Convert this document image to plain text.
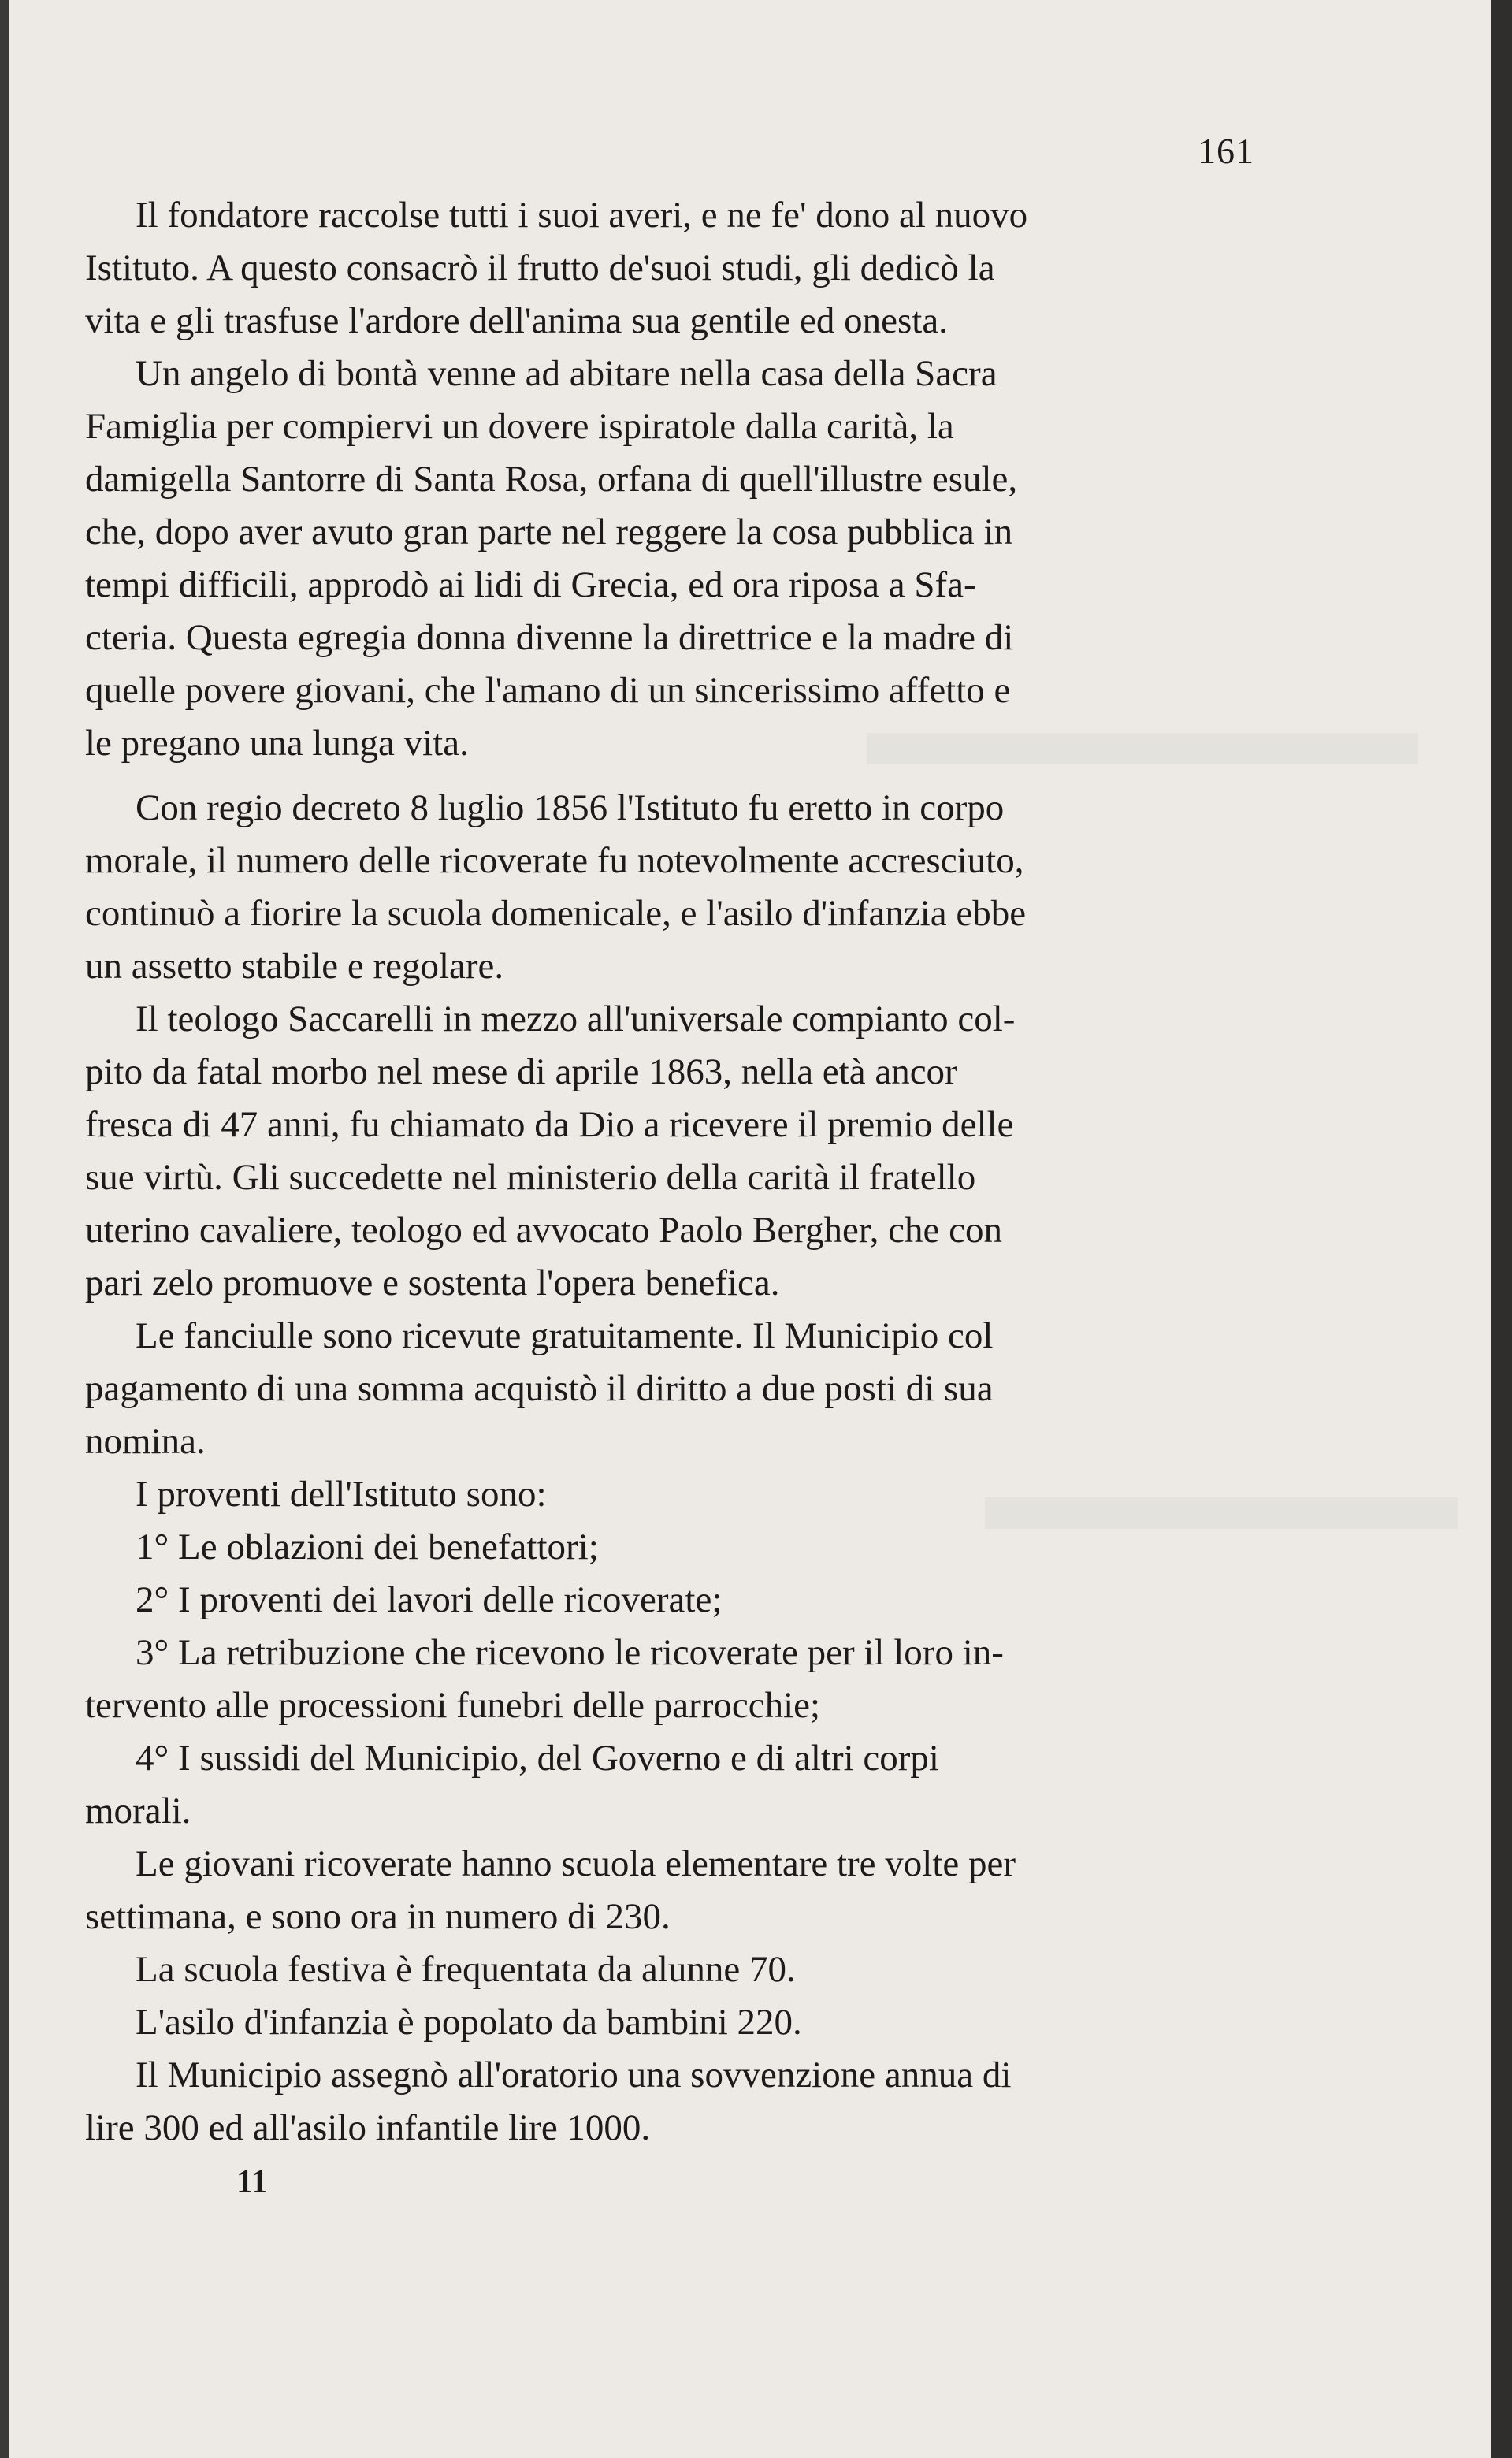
161
Il fondatore raccolse tutti i suoi averi, e ne fe' dono al nuovo
Istituto. A questo consacrò il frutto de'suoi studi, gli dedicò la
vita e gli trasfuse l'ardore dell'anima sua gentile ed onesta.
Un angelo di bontà venne ad abitare nella casa della Sacra
Famiglia per compiervi un dovere ispiratole dalla carità, la
damigella Santorre di Santa Rosa, orfana di quell'illustre esule,
che, dopo aver avuto gran parte nel reggere la cosa pubblica in
tempi difficili, approdò ai lidi di Grecia, ed ora riposa a Sfa-
cteria. Questa egregia donna divenne la direttrice e la madre di
quelle povere giovani, che l'amano di un sincerissimo affetto e
le pregano una lunga vita.
Con regio decreto 8 luglio 1856 l'Istituto fu eretto in corpo
morale, il numero delle ricoverate fu notevolmente accresciuto,
continuò a fiorire la scuola domenicale, e l'asilo d'infanzia ebbe
un assetto stabile e regolare.
Il teologo Saccarelli in mezzo all'universale compianto col-
pito da fatal morbo nel mese di aprile 1863, nella età ancor
fresca di 47 anni, fu chiamato da Dio a ricevere il premio delle
sue virtù. Gli succedette nel ministerio della carità il fratello
uterino cavaliere, teologo ed avvocato Paolo Bergher, che con
pari zelo promuove e sostenta l'opera benefica.
Le fanciulle sono ricevute gratuitamente. Il Municipio col
pagamento di una somma acquistò il diritto a due posti di sua
nomina.
I proventi dell'Istituto sono:
1° Le oblazioni dei benefattori;
2° I proventi dei lavori delle ricoverate;
3° La retribuzione che ricevono le ricoverate per il loro in-
tervento alle processioni funebri delle parrocchie;
4° I sussidi del Municipio, del Governo e di altri corpi
morali.
Le giovani ricoverate hanno scuola elementare tre volte per
settimana, e sono ora in numero di 230.
La scuola festiva è frequentata da alunne 70.
L'asilo d'infanzia è popolato da bambini 220.
Il Municipio assegnò all'oratorio una sovvenzione annua di
lire 300 ed all'asilo infantile lire 1000.
11
